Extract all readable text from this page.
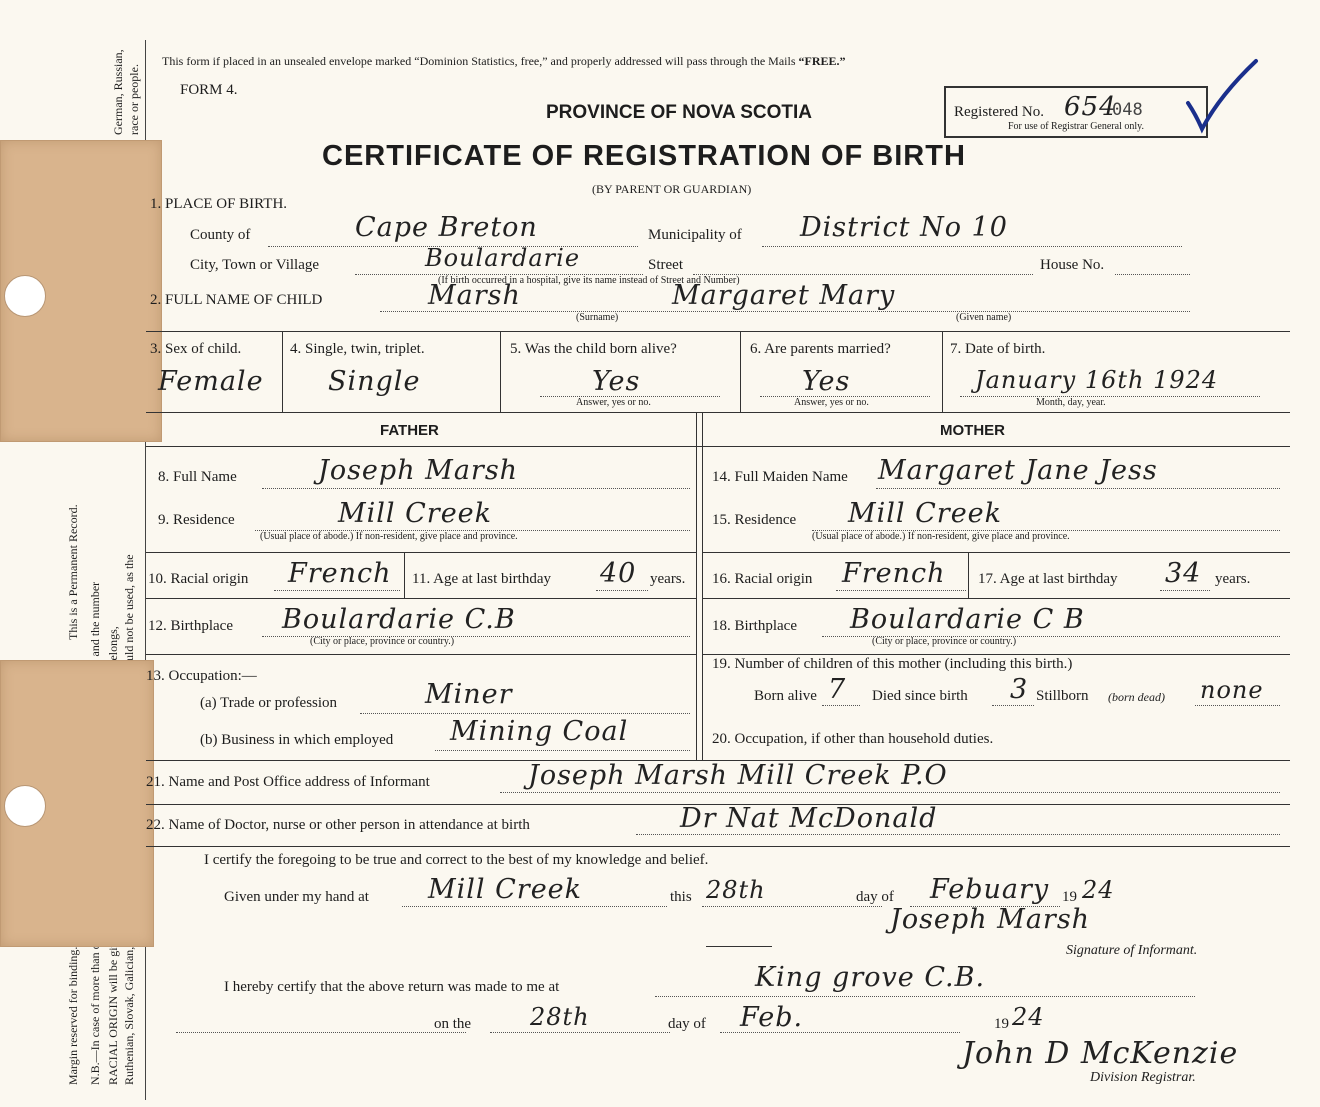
Margin reserved for binding.
This is a Permanent Record.
German, Russian, race or people.
This form if placed in an unsealed envelope marked “Dominion Statistics, free,” and properly addressed will pass through the Mails “FREE.”
FORM 4.
PROVINCE OF NOVA SCOTIA
CERTIFICATE OF REGISTRATION OF BIRTH
(BY PARENT OR GUARDIAN)
Registered No. 654
048
For use of Registrar General only.
1. PLACE OF BIRTH.
County of	Cape Breton	Municipality of District No 10
City, Town or Village	Boulardarie	Street	House No.
(If birth occurred in a hospital, give its name instead of Street and Number)
2. FULL NAME OF CHILD	Marsh	Margaret Mary
(Surname)	(Given name)
3. Sex of child.
Female
4. Single, twin, triplet.
Single
5. Was the child born alive?
Yes
Answer, yes or no.
6. Are parents married?
Yes
Answer, yes or no.
7. Date of birth.
January 16th 1924
Month, day, year.
FATHER	MOTHER
8. Full Name	Joseph Marsh
9. Residence	Mill Creek
(Usual place of abode.) If non-resident, give place and province.
10. Racial origin French 11. Age at last birthday 40 years.
12. Birthplace Boulardarie C.B
(City or place, province or country.)
13. Occupation:—
(a) Trade or profession	Miner
(b) Business in which employed Mining Coal
14. Full Maiden Name Margaret Jane Jess
15. Residence Mill Creek
(Usual place of abode.) If non-resident, give place and province.
16. Racial origin French 17. Age at last birthday 34 years.
18. Birthplace Boulardarie C B
(City or place, province or country.)
19. Number of children of this mother (including this birth.)
Born alive 7 Died since birth 3 Stillborn (born dead) none
20. Occupation, if other than household duties.
21. Name and Post Office address of Informant	Joseph Marsh Mill Creek P.O
22. Name of Doctor, nurse or other person in attendance at birth	Dr Nat McDonald
I certify the foregoing to be true and correct to the best of my knowledge and belief.
Given under my hand at Mill Creek	this 28th	day of Febuary 19 24
Joseph Marsh
Signature of Informant.
I hereby certify that the above return was made to me at	King grove C.B.
on the 28th	day of Feb.	19 24
John D McKenzie
Division Registrar.
